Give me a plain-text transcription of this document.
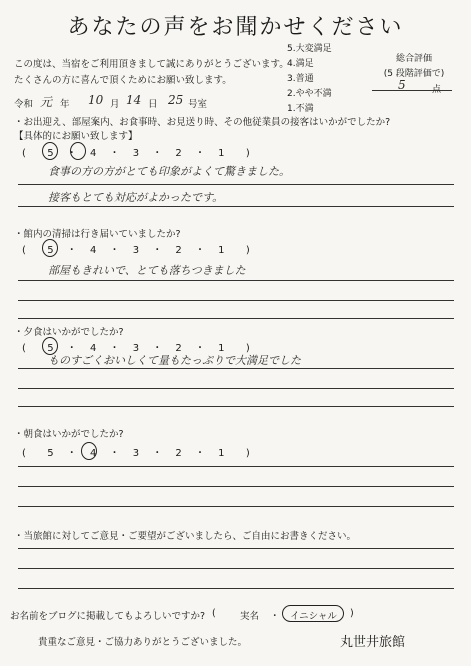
あなたの声をお聞かせください
この度は、当宿をご利用頂きまして誠にありがとうございます。
たくさんの方に喜んで頂くためにお願い致します。
5.大変満足
4.満足
3.普通
2.やや不満
1.不満
総合評価
(5 段階評価で)
5	点
令和 元 年 10 月 14 日 25 号室
・お出迎え、部屋案内、お食事時、お見送り時、その他従業員の接客はいかがでしたか?
【具体的にお願い致します】
(  5 ・ 4 ・ 3 ・ 2 ・ 1  )
食事の方の方がとても印象がよくて驚きました。
接客もとても対応がよかったです。
・館内の清掃は行き届いていましたか?
(  5 ・ 4 ・ 3 ・ 2 ・ 1  )
部屋もきれいで、とても落ちつきました
・夕食はいかがでしたか?
(  5 ・ 4 ・ 3 ・ 2 ・ 1  )
ものすごくおいしくて量もたっぷりで大満足でした
・朝食はいかがでしたか?
(  5 ・ 4 ・ 3 ・ 2 ・ 1  )
・当旅館に対してご意見・ご要望がございましたら、ご自由にお書きください。
お名前をブログに掲載してもよろしいですか? (	実名 ・ イニシャル )
貴重なご意見・ご協力ありがとうございました。	丸世井旅館
